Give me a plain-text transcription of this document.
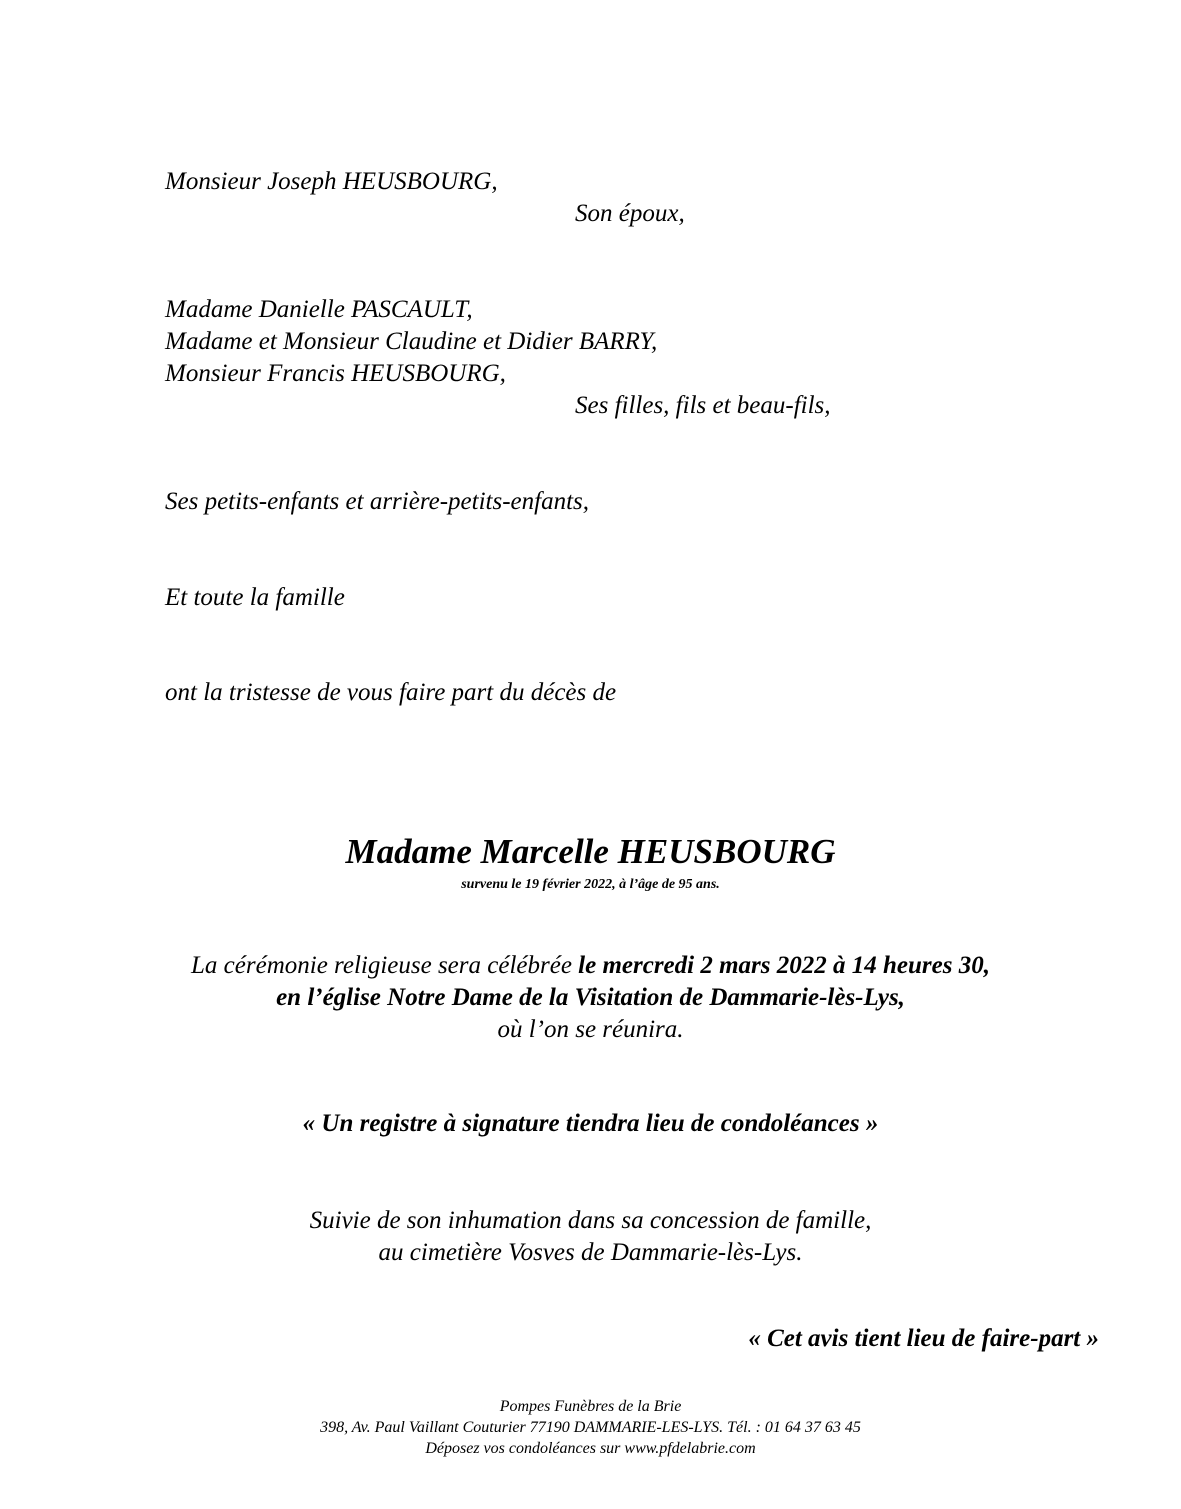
Monsieur Joseph HEUSBOURG,
Son époux,
Madame Danielle PASCAULT,
Madame et Monsieur Claudine et Didier BARRY,
Monsieur Francis HEUSBOURG,
Ses filles, fils et beau-fils,
Ses petits-enfants et arrière-petits-enfants,
Et toute la famille
ont la tristesse de vous faire part du décès de
Madame Marcelle HEUSBOURG
survenu le 19 février 2022, à l’âge de 95 ans.
La cérémonie religieuse sera célébrée le mercredi 2 mars 2022 à 14 heures 30,
en l’église Notre Dame de la Visitation de Dammarie-lès-Lys,
où l’on se réunira.
« Un registre à signature tiendra lieu de condoléances »
Suivie de son inhumation dans sa concession de famille,
au cimetière Vosves de Dammarie-lès-Lys.
« Cet avis tient lieu de faire-part »
Pompes Funèbres de la Brie
398, Av. Paul Vaillant Couturier 77190 DAMMARIE-LES-LYS. Tél. : 01 64 37 63 45
Déposez vos condoléances sur www.pfdelabrie.com
